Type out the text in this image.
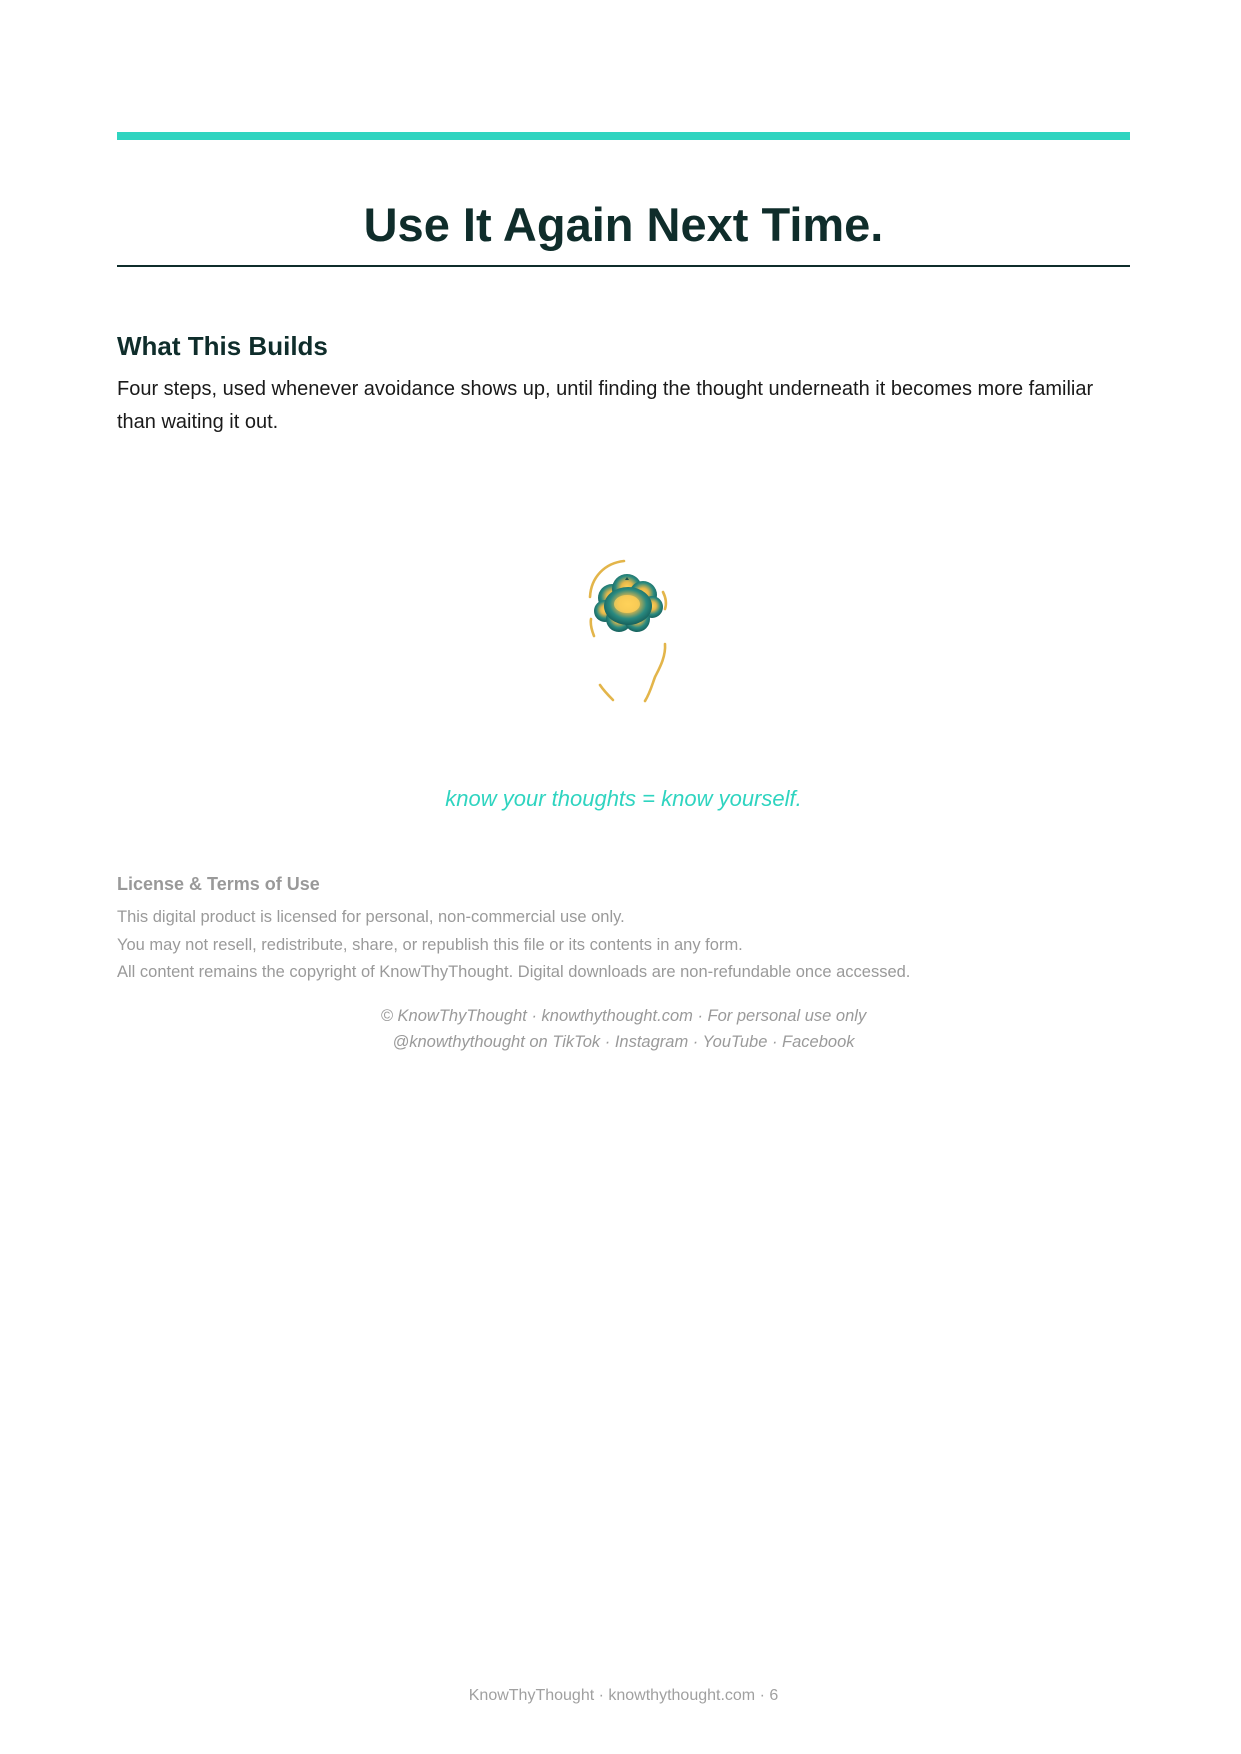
Use It Again Next Time.
What This Builds

Four steps, used whenever avoidance shows up, until finding the thought underneath it becomes more familiar than waiting it out.

know your thoughts = know yourself.
License & Terms of Use
This digital product is licensed for personal, non-commercial use only.
You may not resell, redistribute, share, or republish this file or its contents in any form.
All content remains the copyright of KnowThyThought. Digital downloads are non-refundable once accessed.
© KnowThyThought · knowthythought.com · For personal use only
@knowthythought on TikTok · Instagram · YouTube · Facebook
KnowThyThought · knowthythought.com · 6
